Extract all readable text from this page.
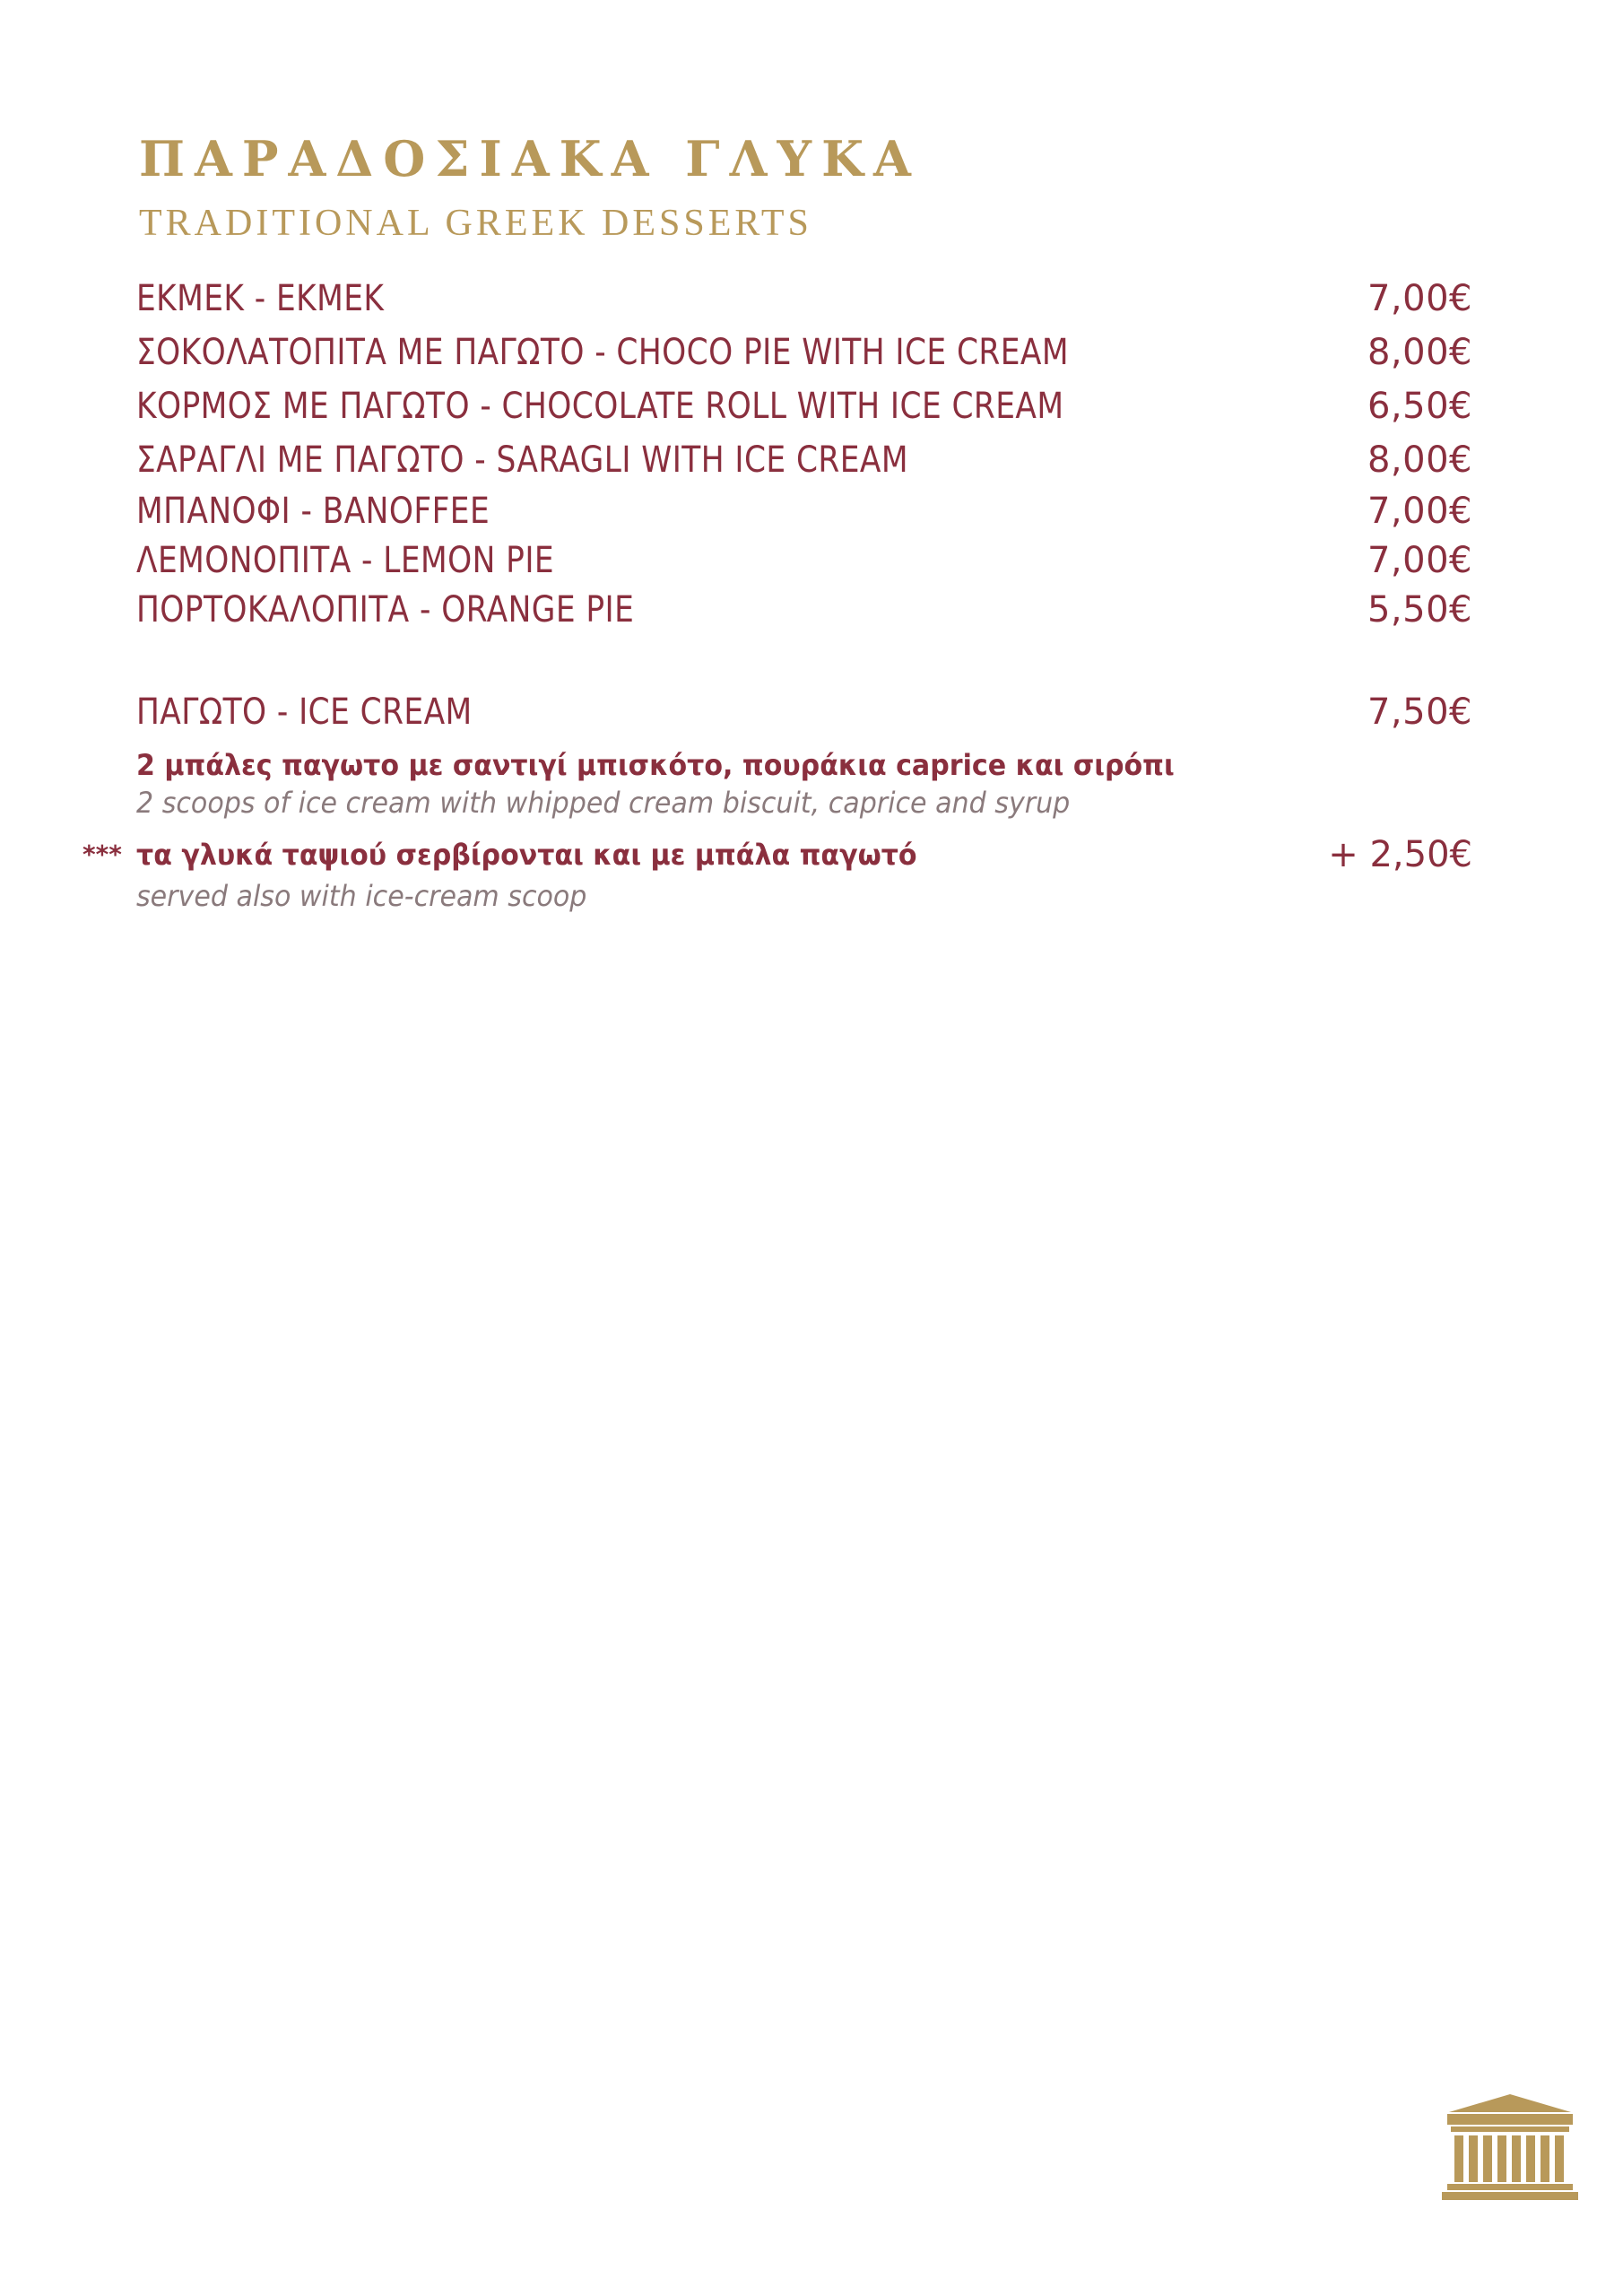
ΠΑΡΑΔΟΣΙΑΚΑ ΓΛΥΚΑ
TRADITIONAL GREEK DESSERTS
ΕΚΜΕΚ - ΕΚΜΕΚ	7,00€
ΣΟΚΟΛΑΤΟΠΙΤΑ ΜΕ ΠΑΓΩΤΟ - CHOCO PIE WITH ICE CREAM	8,00€
ΚΟΡΜΟΣ ΜΕ ΠΑΓΩΤΟ - CHOCOLATE ROLL WITH ICE CREAM	6,50€
ΣΑΡΑΓΛΙ ΜΕ ΠΑΓΩΤΟ - SARAGLI WITH ICE CREAM	8,00€
ΜΠΑΝΟΦΙ - BANOFFEE	7,00€
ΛΕΜΟΝΟΠΙΤΑ - LEMON PIE	7,00€
ΠΟΡΤΟΚΑΛΟΠΙΤΑ - ORANGE PIE	5,50€
ΠΑΓΩΤΟ - ICE CREAM	7,50€
2 μπάλες παγωτο με σαντιγί μπισκότο, πουράκια caprice και σιρόπι
2 scoops of ice cream with whipped cream biscuit, caprice and syrup
*** τα γλυκά ταψιού σερβίρονται και με μπάλα παγωτό	+ 2,50€
served also with ice-cream scoop
